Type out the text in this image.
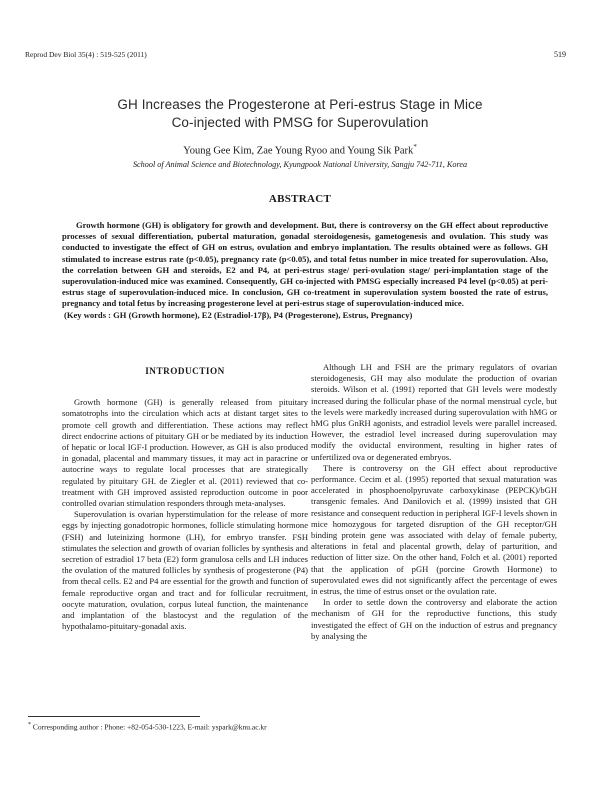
Reprod Dev Biol 35(4) : 519-525 (2011)	519
GH Increases the Progesterone at Peri-estrus Stage in Mice
Co-injected with PMSG for Superovulation
Young Gee Kim, Zae Young Ryoo and Young Sik Park*
School of Animal Science and Biotechnology, Kyungpook National University, Sangju 742-711, Korea
ABSTRACT
Growth hormone (GH) is obligatory for growth and development. But, there is controversy on the GH effect about reproductive processes of sexual differentiation, pubertal maturation, gonadal steroidogenesis, gametogenesis and ovulation. This study was conducted to investigate the effect of GH on estrus, ovulation and embryo implantation. The results obtained were as follows. GH stimulated to increase estrus rate (p<0.05), pregnancy rate (p<0.05), and total fetus number in mice treated for superovulation. Also, the correlation between GH and steroids, E2 and P4, at peri-estrus stage/ peri-ovulation stage/ peri-implantation stage of the superovulation-induced mice was examined. Consequently, GH co-injected with PMSG especially increased P4 level (p<0.05) at peri-estrus stage of superovulation-induced mice. In conclusion, GH co-treatment in superovulation system boosted the rate of estrus, pregnancy and total fetus by increasing progesterone level at peri-estrus stage of superovulation-induced mice.
(Key words : GH (Growth hormone), E2 (Estradiol-17β), P4 (Progesterone), Estrus, Pregnancy)
INTRODUCTION

Growth hormone (GH) is generally released from pituitary somatotrophs into the circulation which acts at distant target sites to promote cell growth and differentiation. These actions may reflect direct endocrine actions of pituitary GH or be mediated by its induction of hepatic or local IGF-I production. However, as GH is also produced in gonadal, placental and mammary tissues, it may act in paracrine or autocrine ways to regulate local processes that are strategically regulated by pituitary GH. de Ziegler et al. (2011) reviewed that co-treatment with GH improved assisted reproduction outcome in poor controlled ovarian stimulation responders through meta-analyses.

Superovulation is ovarian hyperstimulation for the release of more eggs by injecting gonadotropic hormones, follicle stimulating hormone (FSH) and luteinizing hormone (LH), for embryo transfer. FSH stimulates the selection and growth of ovarian follicles by synthesis and secretion of estradiol 17 beta (E2) form granulosa cells and LH induces the ovulation of the matured follicles by synthesis of progesterone (P4) from thecal cells. E2 and P4 are essential for the growth and function of female reproductive organ and tract and for follicular recruitment, oocyte maturation, ovulation, corpus luteal function, the maintenance and implantation of the blastocyst and the regulation of the hypothalamo-pituitary-gonadal axis.

Although LH and FSH are the primary regulators of ovarian steroidogenesis, GH may also modulate the production of ovarian steroids. Wilson et al. (1991) reported that GH levels were modestly increased during the follicular phase of the normal menstrual cycle, but the levels were markedly increased during superovulation with hMG or hMG plus GnRH agonists, and estradiol levels were parallel increased. However, the estradiol level increased during superovulation may modify the oviductal environment, resulting in higher rates of unfertilized ova or degenerated embryos.

There is controversy on the GH effect about reproductive performance. Cecim et al. (1995) reported that sexual maturation was accelerated in phosphoenolpyruvate carboxykinase (PEPCK)/bGH transgenic females. And Danilovich et al. (1999) insisted that GH resistance and consequent reduction in peripheral IGF-I levels shown in mice homozygous for targeted disruption of the GH receptor/GH binding protein gene was associated with delay of female puberty, alterations in fetal and placental growth, delay of parturition, and reduction of litter size. On the other hand, Folch et al. (2001) reported that the application of pGH (porcine Growth Hormone) to superovulated ewes did not significantly affect the percentage of ewes in estrus, the time of estrus onset or the ovulation rate.

In order to settle down the controversy and elaborate the action mechanism of GH for the reproductive functions, this study investigated the effect of GH on the induction of estrus and pregnancy by analysing the

* Corresponding author : Phone: +82-054-530-1223, E-mail: yspark@knu.ac.kr
